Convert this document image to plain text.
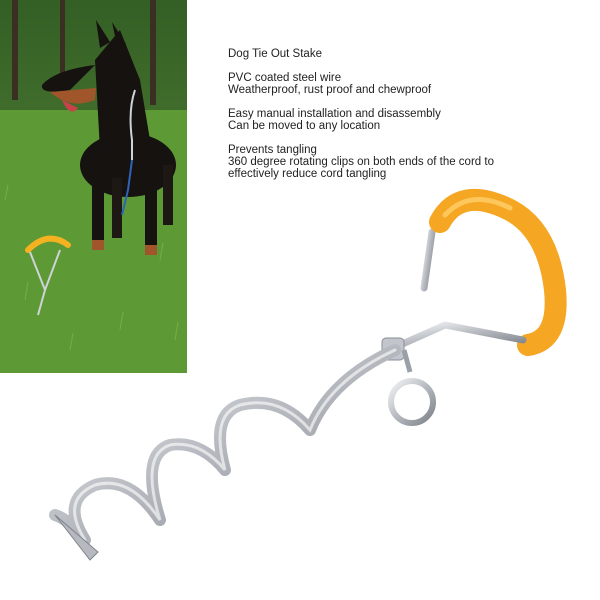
Dog Tie Out Stake

PVC coated steel wire
Weatherproof, rust proof and chewproof

Easy manual installation and disassembly
Can be moved to any location

Prevents tangling
360 degree rotating clips on both ends of the cord to
effectively reduce cord tangling
